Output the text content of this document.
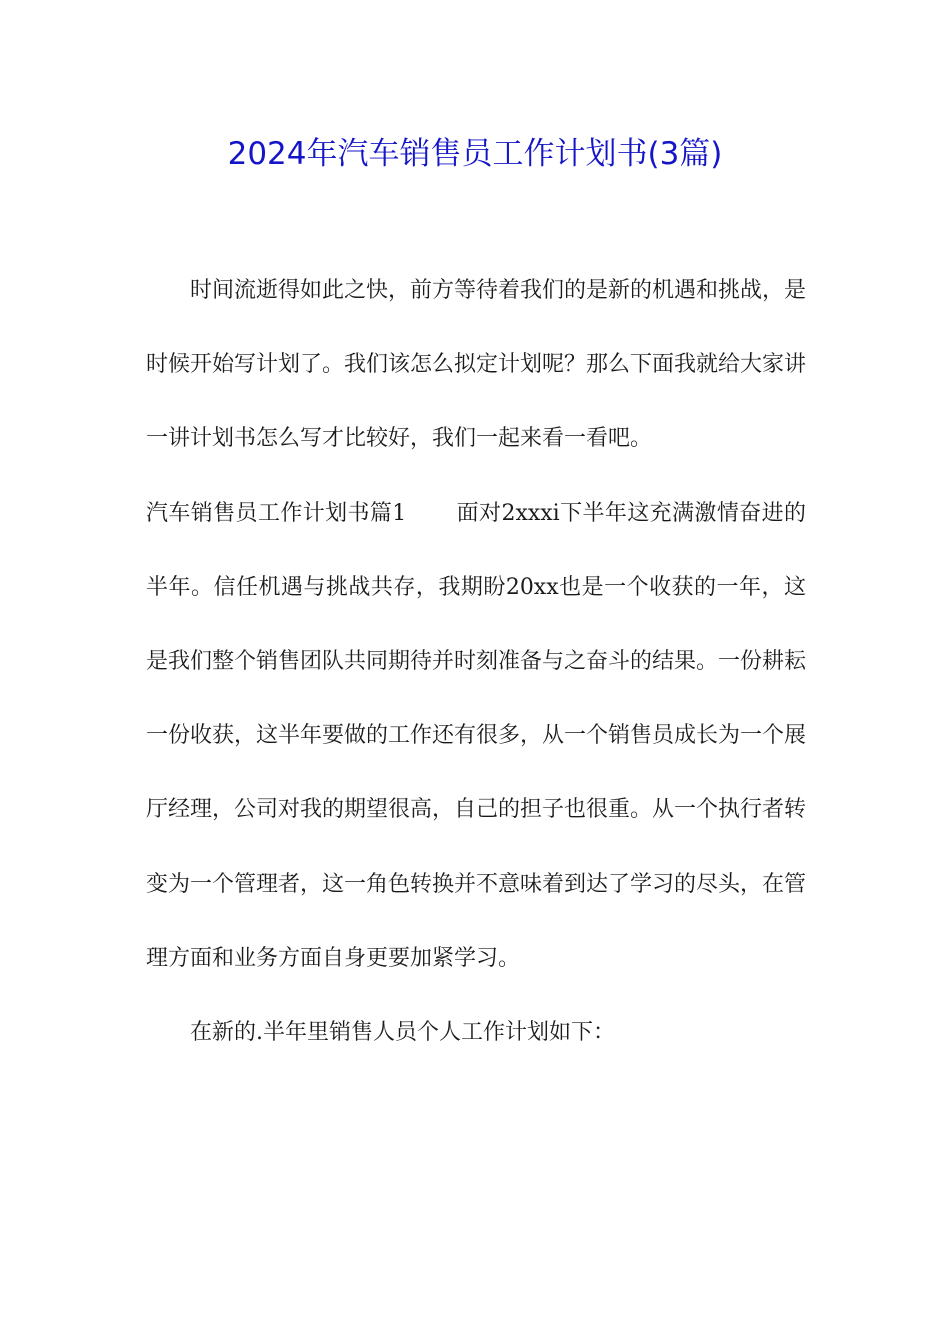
2024年汽车销售员工作计划书(3篇)

时间流逝得如此之快，前方等待着我们的是新的机遇和挑战，是时候开始写计划了。我们该怎么拟定计划呢？那么下面我就给大家讲一讲计划书怎么写才比较好，我们一起来看一看吧。

汽车销售员工作计划书篇1 面对2xxxi下半年这充满激情奋进的半年。信任机遇与挑战共存，我期盼20xx也是一个收获的一年，这是我们整个销售团队共同期待并时刻准备与之奋斗的结果。一份耕耘一份收获，这半年要做的工作还有很多，从一个销售员成长为一个展厅经理，公司对我的期望很高，自己的担子也很重。从一个执行者转变为一个管理者，这一角色转换并不意味着到达了学习的尽头，在管理方面和业务方面自身更要加紧学习。

在新的.半年里销售人员个人工作计划如下：
